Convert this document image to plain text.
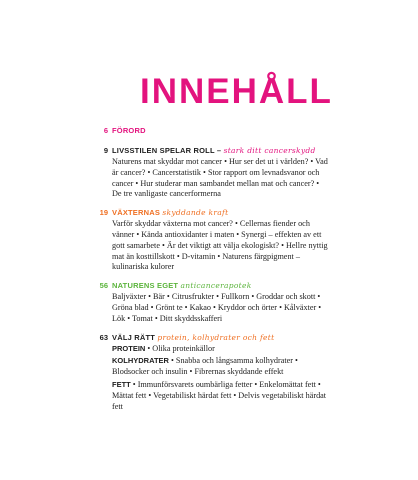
INNEHÅLL
6 FÖRORD
9 LIVSSTILEN SPELAR ROLL – stark ditt cancerskydd
Naturens mat skyddar mot cancer • Hur ser det ut i världen? • Vad är cancer? • Cancerstatistik • Stor rapport om levnadsvanor och cancer • Hur studerar man sambandet mellan mat och cancer? • De tre vanligaste cancerformerna
19 VÄXTERNAS skyddande kraft
Varför skyddar växterna mot cancer? • Cellernas fiender och vänner • Kända antioxidanter i maten • Synergi – effekten av ett gott samarbete • Är det viktigt att välja ekologiskt? • Hellre nyttig mat än kosttillskott • D-vitamin • Naturens färgpigment – kulinariska kulorer
56 NATURENS EGET anticancerapotek
Baljväxter • Bär • Citrusfrukter • Fullkorn • Groddar och skott • Gröna blad • Grönt te • Kakao • Kryddor och örter • Kålväxter • Lök • Tomat • Ditt skyddsskafferi
63 VÄLJ RÄTT protein, kolhydrater och fett

PROTEIN • Olika proteinkällor

KOLHYDRATER • Snabba och långsamma kolhydrater • Blodsocker och insulin • Fibrernas skyddande effekt

FETT • Immunförsvarets oumbärliga fetter • Enkelomättat fett • Mättat fett • Vegetabiliskt härdat fett • Delvis vegetabiliskt härdat fett
